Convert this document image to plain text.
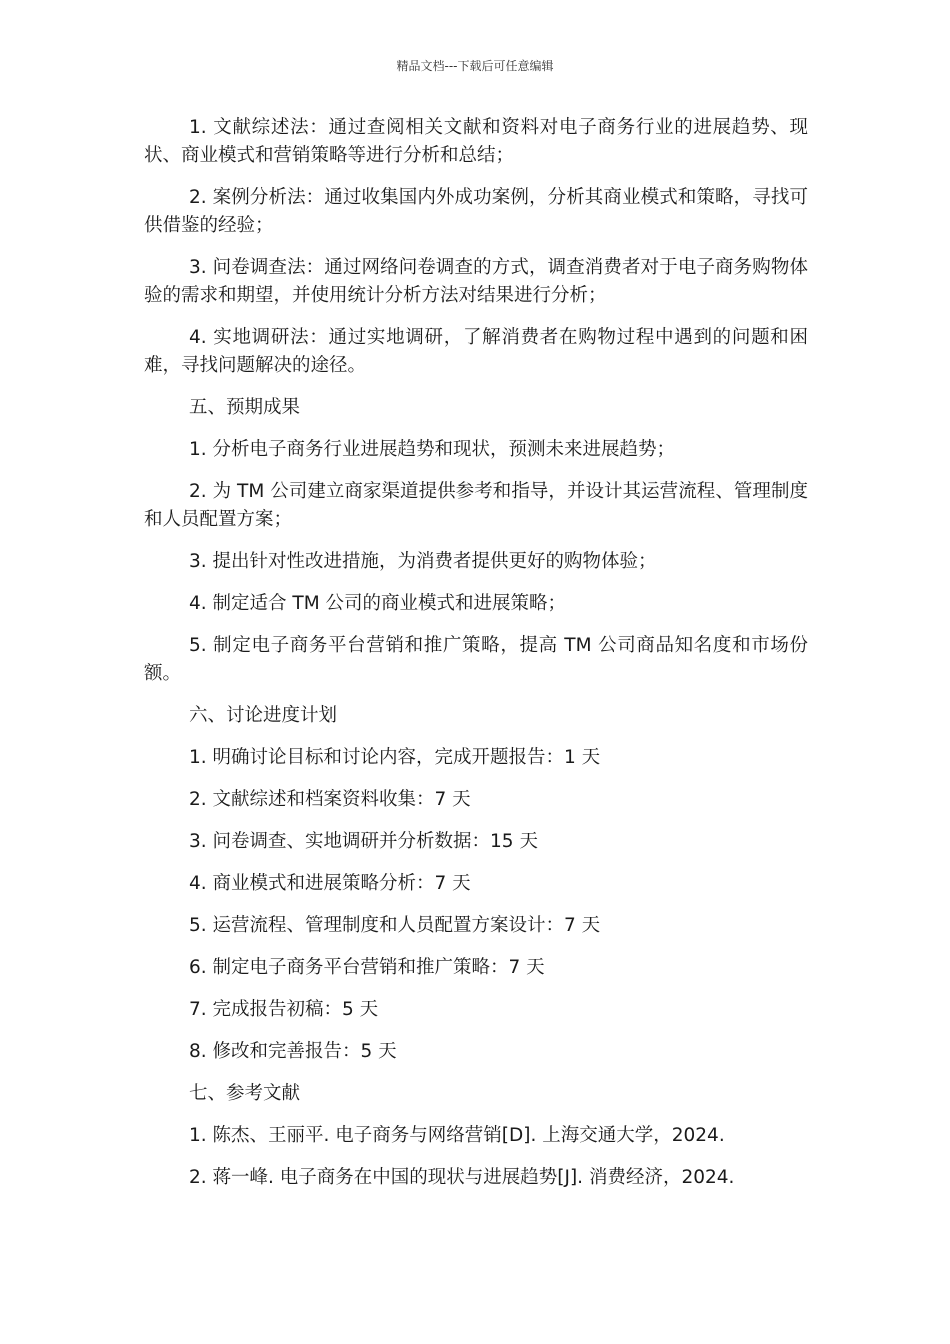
精品文档---下载后可任意编辑

1. 文献综述法：通过查阅相关文献和资料对电子商务行业的进展趋势、现状、商业模式和营销策略等进行分析和总结；

2. 案例分析法：通过收集国内外成功案例，分析其商业模式和策略，寻找可供借鉴的经验；

3. 问卷调查法：通过网络问卷调查的方式，调查消费者对于电子商务购物体验的需求和期望，并使用统计分析方法对结果进行分析；

4. 实地调研法：通过实地调研，了解消费者在购物过程中遇到的问题和困难，寻找问题解决的途径。

五、预期成果

1. 分析电子商务行业进展趋势和现状，预测未来进展趋势；

2. 为 TM 公司建立商家渠道提供参考和指导，并设计其运营流程、管理制度和人员配置方案；

3. 提出针对性改进措施，为消费者提供更好的购物体验；

4. 制定适合 TM 公司的商业模式和进展策略；

5. 制定电子商务平台营销和推广策略，提高 TM 公司商品知名度和市场份额。

六、讨论进度计划

1. 明确讨论目标和讨论内容，完成开题报告：1 天

2. 文献综述和档案资料收集：7 天

3. 问卷调查、实地调研并分析数据：15 天

4. 商业模式和进展策略分析：7 天

5. 运营流程、管理制度和人员配置方案设计：7 天

6. 制定电子商务平台营销和推广策略：7 天

7. 完成报告初稿：5 天

8. 修改和完善报告：5 天

七、参考文献

1. 陈杰、王丽平. 电子商务与网络营销[D]. 上海交通大学，2024.

2. 蒋一峰. 电子商务在中国的现状与进展趋势[J]. 消费经济，2024.
